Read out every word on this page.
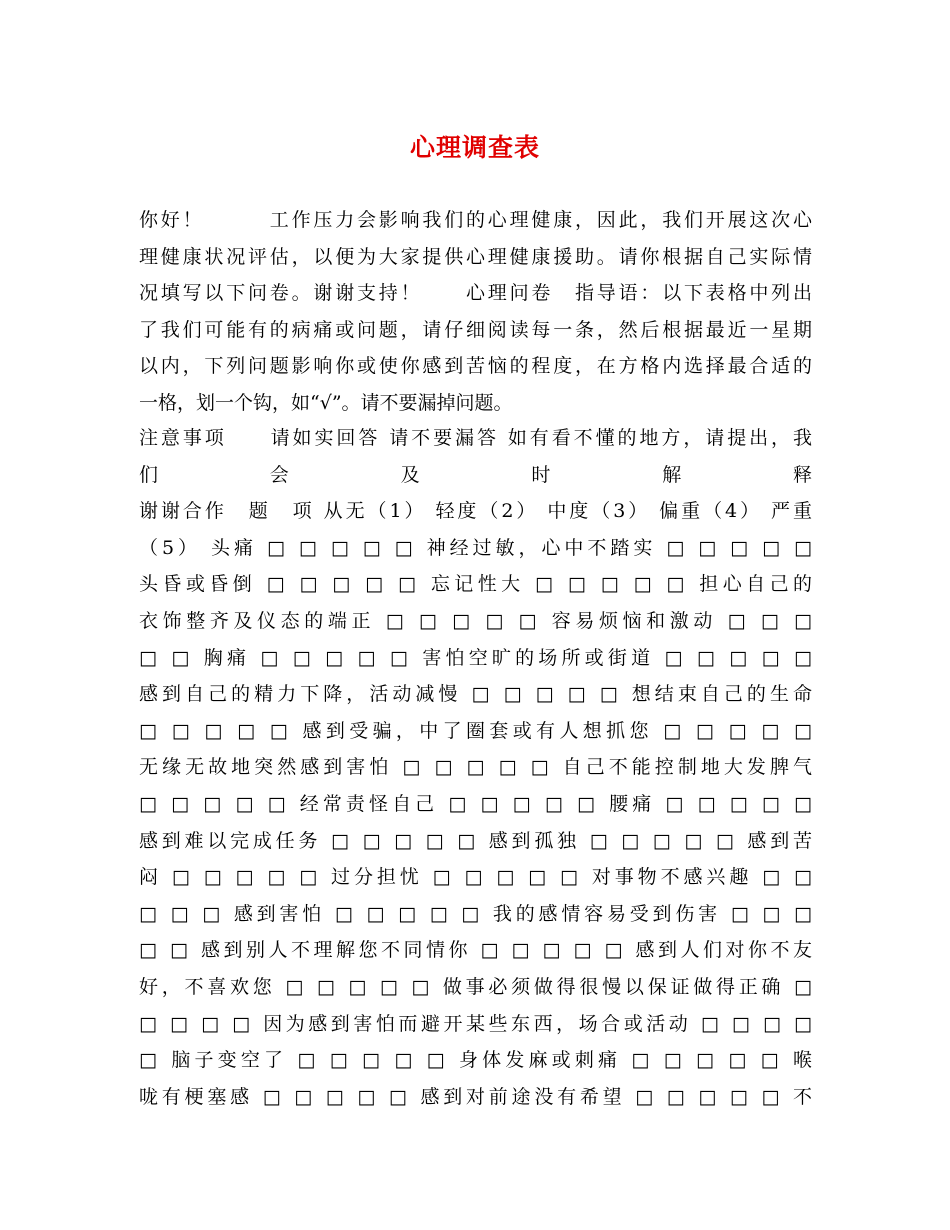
心理调查表
你好！　　　工作压力会影响我们的心理健康，因此，我们开展这次心
理健康状况评估，以便为大家提供心理健康援助。请你根据自己实际情
况填写以下问卷。谢谢支持！　　心理问卷　指导语：以下表格中列出
了我们可能有的病痛或问题，请仔细阅读每一条，然后根据最近一星期
以内，下列问题影响你或使你感到苦恼的程度，在方格内选择最合适的
一格，划一个钩，如“√”。请不要漏掉问题。
注意事项　　请如实回答 请不要漏答 如有看不懂的地方，请提出，我
们　　　　会　　　　及　　　　时　　　　解　　　　释
谢谢合作　题　项 从无（1） 轻度（2） 中度（3） 偏重（4） 严重
（5） 头痛 □ □ □ □ □ 神经过敏，心中不踏实 □ □ □ □ □
头昏或昏倒 □ □ □ □ □ 忘记性大 □ □ □ □ □ 担心自己的
衣饰整齐及仪态的端正 □ □ □ □ □ 容易烦恼和激动 □ □ □
□ □ 胸痛 □ □ □ □ □ 害怕空旷的场所或街道 □ □ □ □ □
感到自己的精力下降，活动减慢 □ □ □ □ □ 想结束自己的生命
□ □ □ □ □ 感到受骗，中了圈套或有人想抓您 □ □ □ □ □
无缘无故地突然感到害怕 □ □ □ □ □ 自己不能控制地大发脾气
□ □ □ □ □ 经常责怪自己 □ □ □ □ □ 腰痛 □ □ □ □ □
感到难以完成任务 □ □ □ □ □ 感到孤独 □ □ □ □ □ 感到苦
闷 □ □ □ □ □ 过分担忧 □ □ □ □ □ 对事物不感兴趣 □ □
□ □ □ 感到害怕 □ □ □ □ □ 我的感情容易受到伤害 □ □ □
□ □ 感到别人不理解您不同情你 □ □ □ □ □ 感到人们对你不友
好，不喜欢您 □ □ □ □ □ 做事必须做得很慢以保证做得正确 □
□ □ □ □ 因为感到害怕而避开某些东西，场合或活动 □ □ □ □
□ 脑子变空了 □ □ □ □ □ 身体发麻或刺痛 □ □ □ □ □ 喉
咙有梗塞感 □ □ □ □ □ 感到对前途没有希望 □ □ □ □ □ 不
